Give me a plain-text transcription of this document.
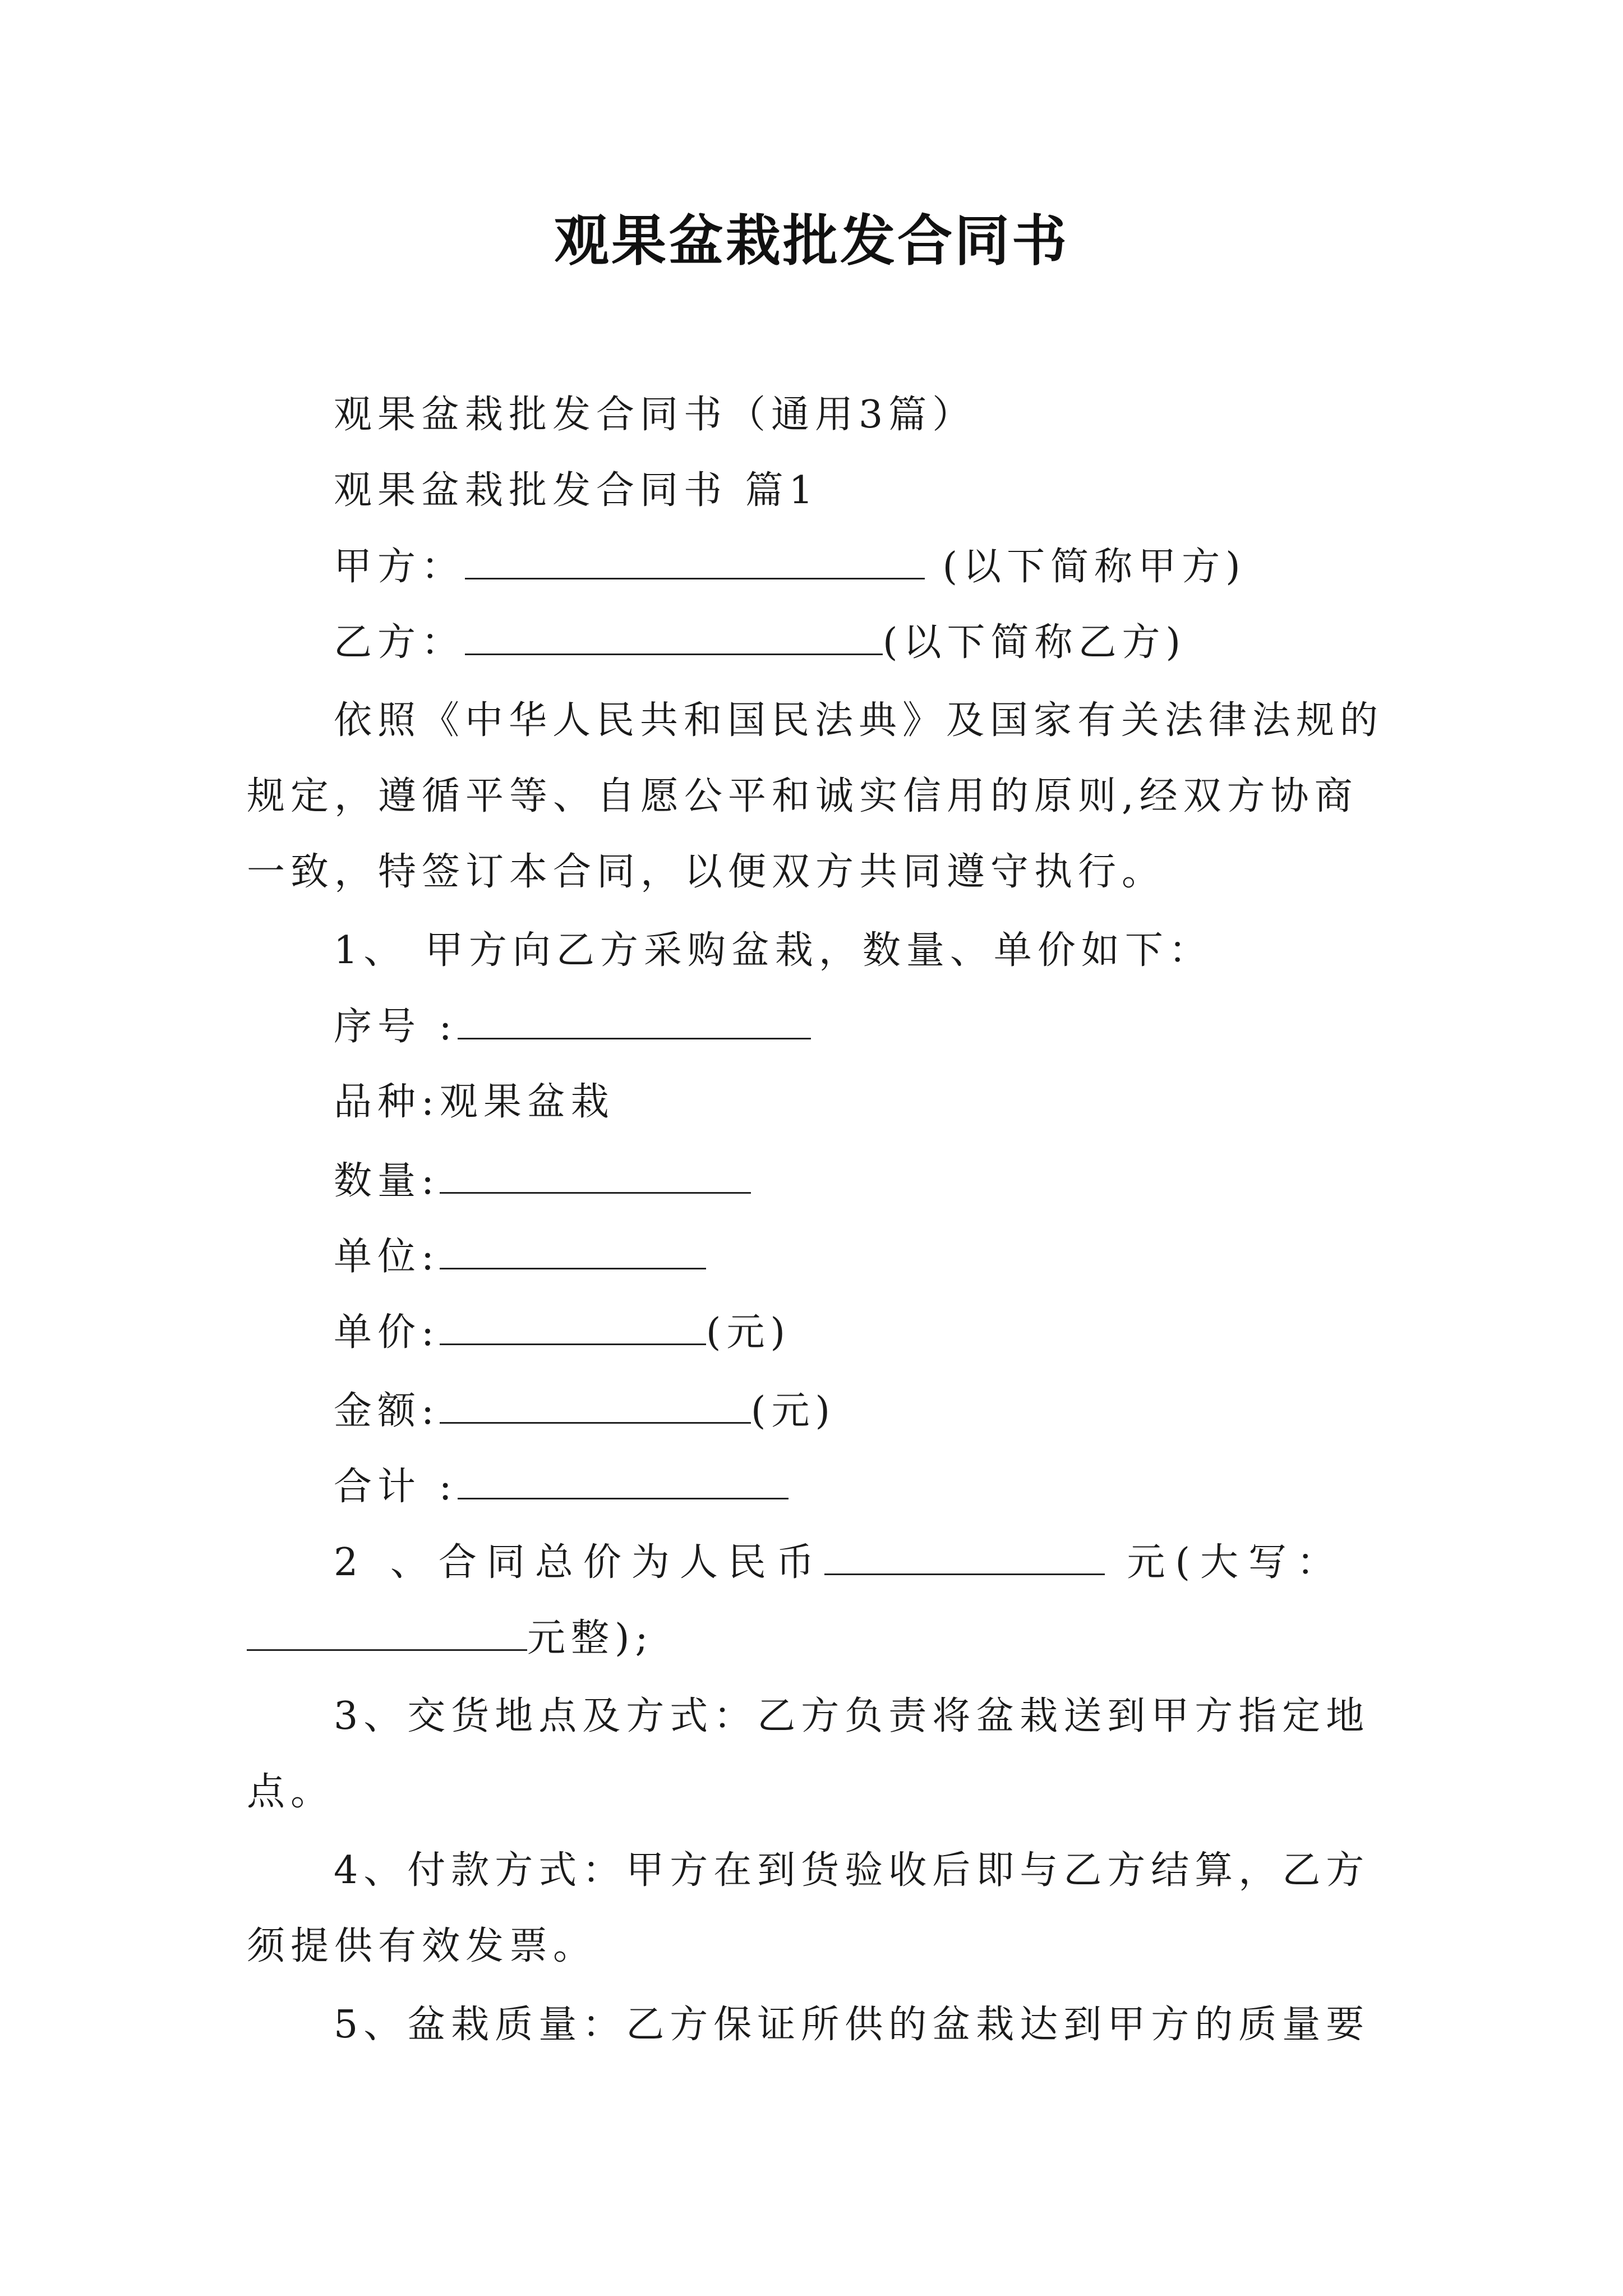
观果盆栽批发合同书
观果盆栽批发合同书（通用3篇）
观果盆栽批发合同书 篇1
甲方：	(以下简称甲方)
乙方：	(以下简称乙方)
依照《中华人民共和国民法典》及国家有关法律法规的
规定，遵循平等、自愿公平和诚实信用的原则,经双方协商
一致，特签订本合同，以便双方共同遵守执行。
1、 甲方向乙方采购盆栽，数量、单价如下：
序号 :
品种:观果盆栽
数量:
单位:
单价:	(元)
金额:	(元)
合计 :
2 、合同总价为人民币	元(大写：
元整);
3、交货地点及方式：乙方负责将盆栽送到甲方指定地
点。
4、付款方式：甲方在到货验收后即与乙方结算，乙方
须提供有效发票。
5、盆栽质量：乙方保证所供的盆栽达到甲方的质量要
